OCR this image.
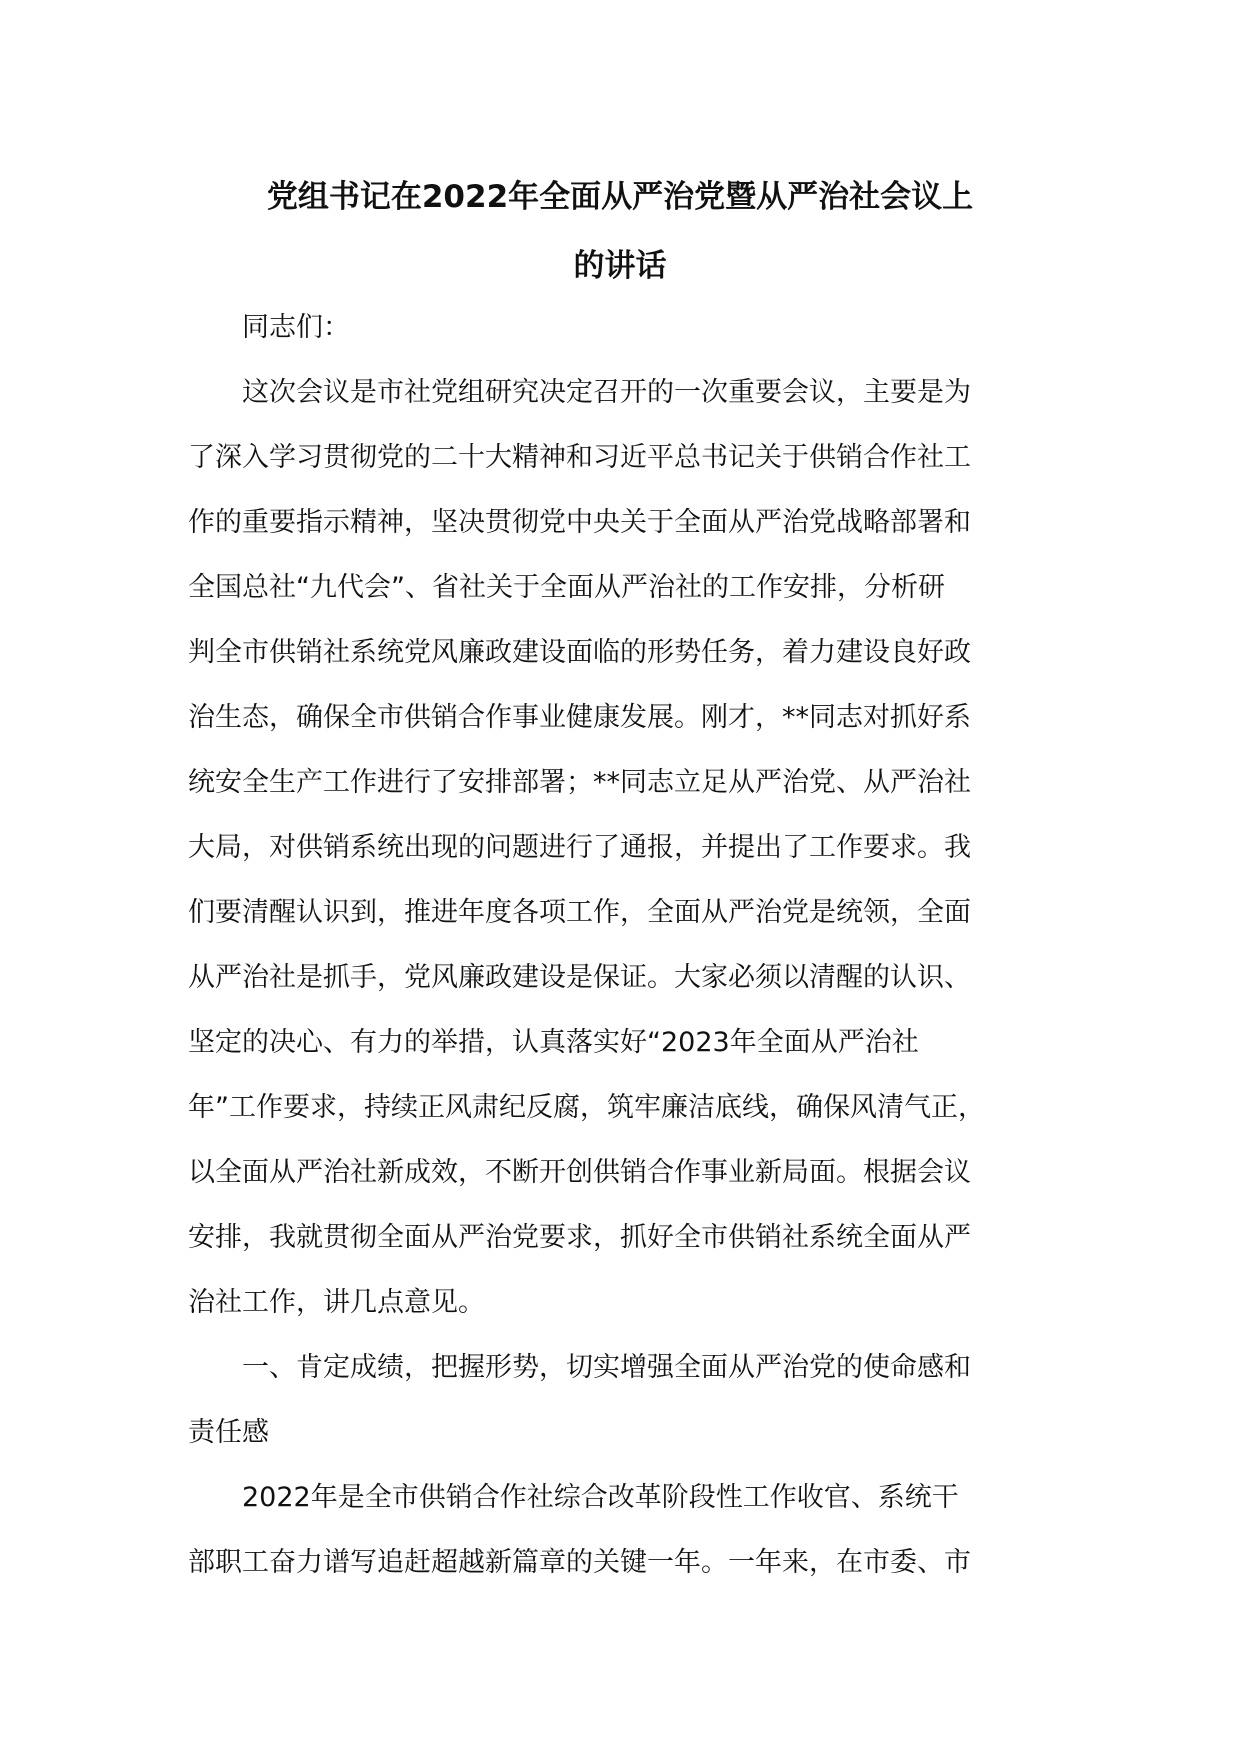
党组书记在2022年全面从严治党暨从严治社会议上
的讲话

同志们：

这次会议是市社党组研究决定召开的一次重要会议，主要是为
了深入学习贯彻党的二十大精神和习近平总书记关于供销合作社工
作的重要指示精神，坚决贯彻党中央关于全面从严治党战略部署和
全国总社“九代会”、省社关于全面从严治社的工作安排，分析研
判全市供销社系统党风廉政建设面临的形势任务，着力建设良好政
治生态，确保全市供销合作事业健康发展。刚才，**同志对抓好系
统安全生产工作进行了安排部署；**同志立足从严治党、从严治社
大局，对供销系统出现的问题进行了通报，并提出了工作要求。我
们要清醒认识到，推进年度各项工作，全面从严治党是统领，全面
从严治社是抓手，党风廉政建设是保证。大家必须以清醒的认识、
坚定的决心、有力的举措，认真落实好“2023年全面从严治社
年”工作要求，持续正风肃纪反腐，筑牢廉洁底线，确保风清气正，
以全面从严治社新成效，不断开创供销合作事业新局面。根据会议
安排，我就贯彻全面从严治党要求，抓好全市供销社系统全面从严
治社工作，讲几点意见。

一、肯定成绩，把握形势，切实增强全面从严治党的使命感和
责任感

2022年是全市供销合作社综合改革阶段性工作收官、系统干
部职工奋力谱写追赶超越新篇章的关键一年。一年来，在市委、市
